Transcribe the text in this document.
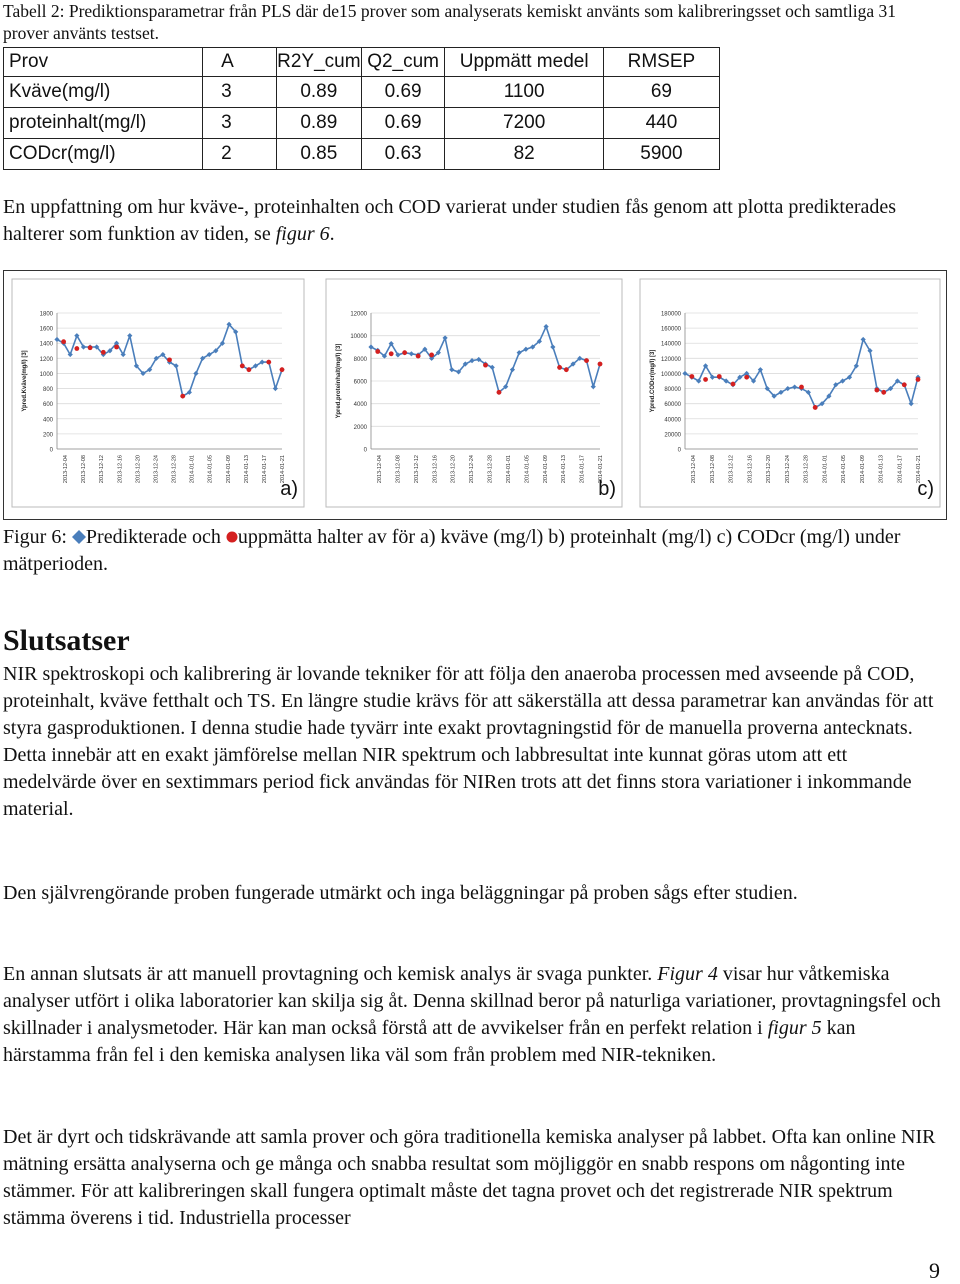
Tabell 2: Prediktionsparametrar från PLS där de15 prover som analyserats kemiskt använts som kalibreringsset och samtliga 31 prover använts testset.
Prov	A	R2Y_cum	Q2_cum	Uppmätt medel	RMSEP
Kväve(mg/l)	3	0.89	0.69	1100	69
proteinhalt(mg/l)	3	0.89	0.69	7200	440
CODcr(mg/l)	2	0.85	0.63	82	5900
En uppfattning om hur kväve-, proteinhalten och COD varierat under studien fås genom att plotta predikterades halterer som funktion av tiden, se figur 6.
0
200
400
600
800
1000
1200
1400
1600
1800
Ypred.Kväve(mg/l) [3]
2013-12-04 2013-12-08 2013-12-12 2013-12-16 2013-12-20 2013-12-24 2013-12-28 2014-01-01 2014-01-05 2014-01-09 2014-01-13 2014-01-17 2014-01-21
a)
0
2000
4000
6000
8000
10000
12000
Ypred.proteinhalt(mg/l) [3]
2013-12-04 2013-12-08 2013-12-12 2013-12-16 2013-12-20 2013-12-24 2013-12-28 2014-01-01 2014-01-05 2014-01-09 2014-01-13 2014-01-17 2014-01-21
b)
0
20000
40000
60000
80000
100000
120000
140000
160000
180000
Ypred.CODcr(mg/l) [3]
2013-12-04 2013-12-08 2013-12-12 2013-12-16 2013-12-20 2013-12-24 2013-12-28 2014-01-01 2014-01-05 2014-01-09 2014-01-13 2014-01-17 2014-01-21
c)
Figur 6: Predikterade och uppmätta halter av för a) kväve (mg/l) b) proteinhalt (mg/l) c) CODcr (mg/l) under mätperioden.
Slutsatser
NIR spektroskopi och kalibrering är lovande tekniker för att följa den anaeroba processen med avseende på COD, proteinhalt, kväve fetthalt och TS. En längre studie krävs för att säkerställa att dessa parametrar kan användas för att styra gasproduktionen. I denna studie hade tyvärr inte exakt provtagningstid för de manuella proverna antecknats. Detta innebär att en exakt jämförelse mellan NIR spektrum och labbresultat inte kunnat göras utom att ett medelvärde över en sextimmars period fick användas för NIRen trots att det finns stora variationer i inkommande material.
Den självrengörande proben fungerade utmärkt och inga beläggningar på proben sågs efter studien.
En annan slutsats är att manuell provtagning och kemisk analys är svaga punkter. Figur 4 visar hur våtkemiska analyser utfört i olika laboratorier kan skilja sig åt. Denna skillnad beror på naturliga variationer, provtagningsfel och skillnader i analysmetoder. Här kan man också förstå att de avvikelser från en perfekt relation i figur 5 kan härstamma från fel i den kemiska analysen lika väl som från problem med NIR-tekniken.
Det är dyrt och tidskrävande att samla prover och göra traditionella kemiska analyser på labbet. Ofta kan online NIR mätning ersätta analyserna och ge många och snabba resultat som möjliggör en snabb respons om någonting inte stämmer. För att kalibreringen skall fungera optimalt måste det tagna provet och det registrerade NIR spektrum stämma överens i tid. Industriella processer
9
